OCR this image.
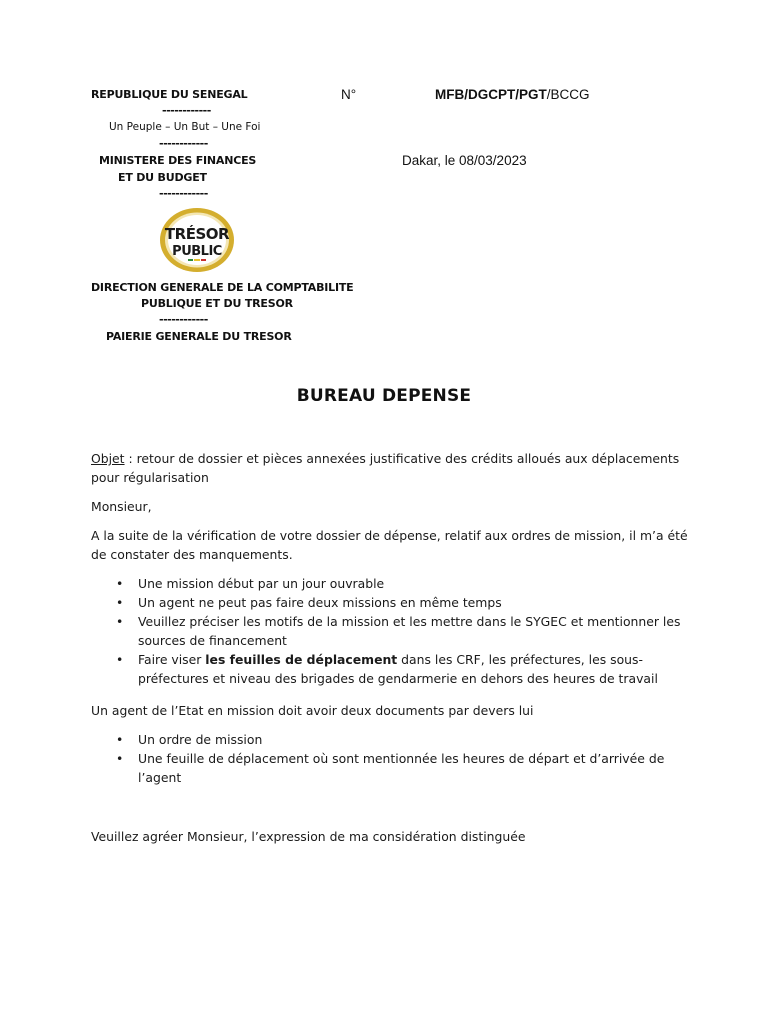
REPUBLIQUE DU SENEGAL
------------
Un Peuple – Un But – Une Foi
------------
MINISTERE DES FINANCES
ET DU BUDGET
------------
TRÉSOR
PUBLIC
DIRECTION GENERALE DE LA COMPTABILITE
PUBLIQUE ET DU TRESOR
------------
PAIERIE GENERALE DU TRESOR
N°	MFB/DGCPT/PGT/BCCG
Dakar, le 08/03/2023
BUREAU DEPENSE
Objet : retour de dossier et pièces annexées justificative des crédits alloués aux déplacements pour régularisation
Monsieur,
A la suite de la vérification de votre dossier de dépense, relatif aux ordres de mission, il m’a été de constater des manquements.
• Une mission début par un jour ouvrable
• Un agent ne peut pas faire deux missions en même temps
• Veuillez préciser les motifs de la mission et les mettre dans le SYGEC et mentionner les sources de financement
• Faire viser les feuilles de déplacement dans les CRF, les préfectures, les sous-préfectures et niveau des brigades de gendarmerie en dehors des heures de travail
Un agent de l’Etat en mission doit avoir deux documents par devers lui
• Un ordre de mission
• Une feuille de déplacement où sont mentionnée les heures de départ et d’arrivée de l’agent
Veuillez agréer Monsieur, l’expression de ma considération distinguée
